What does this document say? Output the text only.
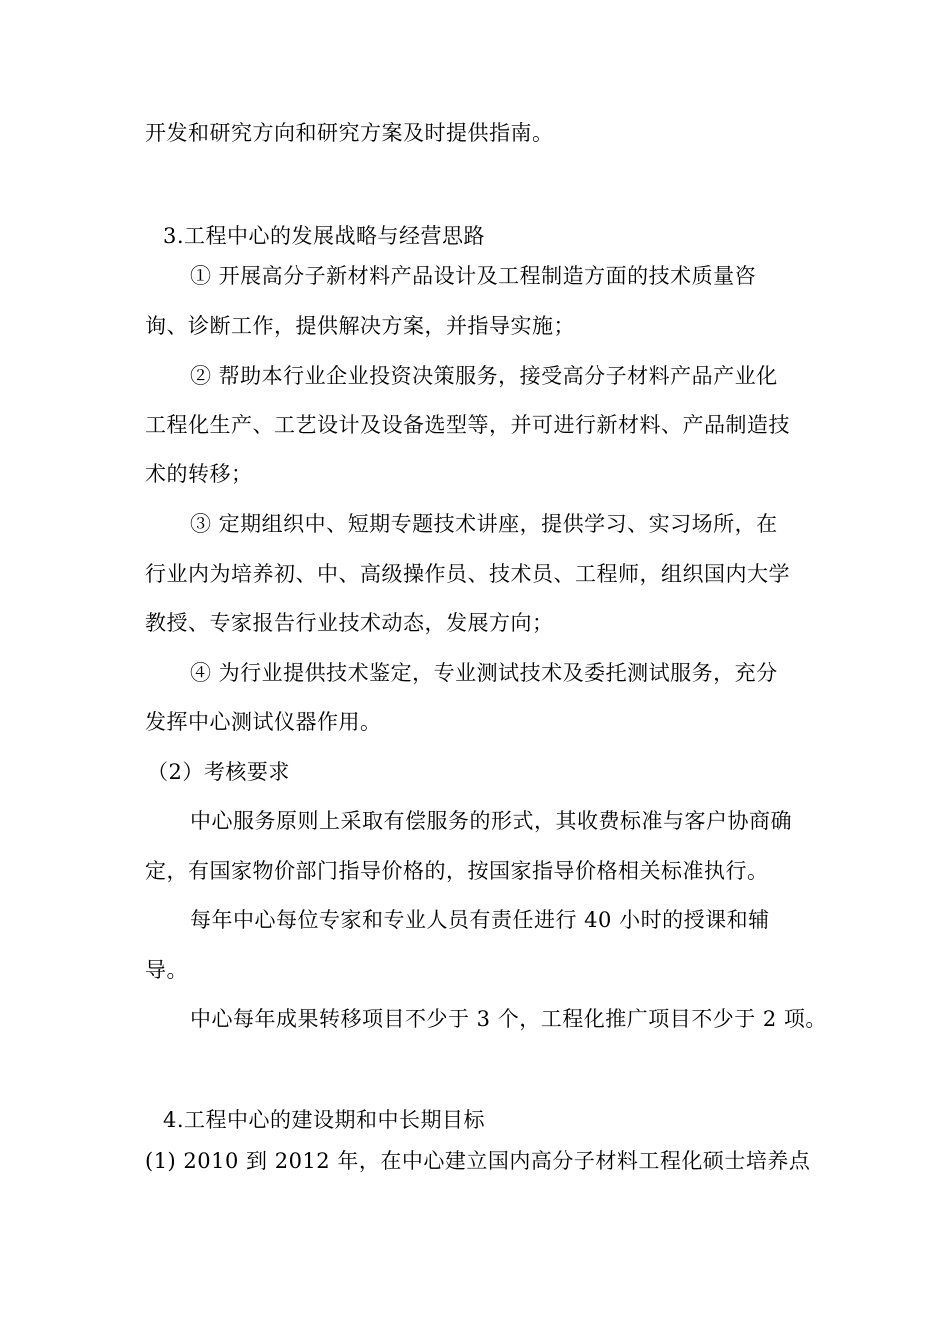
开发和研究方向和研究方案及时提供指南。
3.工程中心的发展战略与经营思路
① 开展高分子新材料产品设计及工程制造方面的技术质量咨
询、诊断工作，提供解决方案，并指导实施；
② 帮助本行业企业投资决策服务，接受高分子材料产品产业化
工程化生产、工艺设计及设备选型等，并可进行新材料、产品制造技
术的转移；
③ 定期组织中、短期专题技术讲座，提供学习、实习场所，在
行业内为培养初、中、高级操作员、技术员、工程师，组织国内大学
教授、专家报告行业技术动态，发展方向；
④ 为行业提供技术鉴定，专业测试技术及委托测试服务，充分
发挥中心测试仪器作用。
（2）考核要求
中心服务原则上采取有偿服务的形式，其收费标准与客户协商确
定，有国家物价部门指导价格的，按国家指导价格相关标准执行。
每年中心每位专家和专业人员有责任进行 40 小时的授课和辅
导。
中心每年成果转移项目不少于 3 个，工程化推广项目不少于 2 项。
4.工程中心的建设期和中长期目标
(1) 2010 到 2012 年，在中心建立国内高分子材料工程化硕士培养点
